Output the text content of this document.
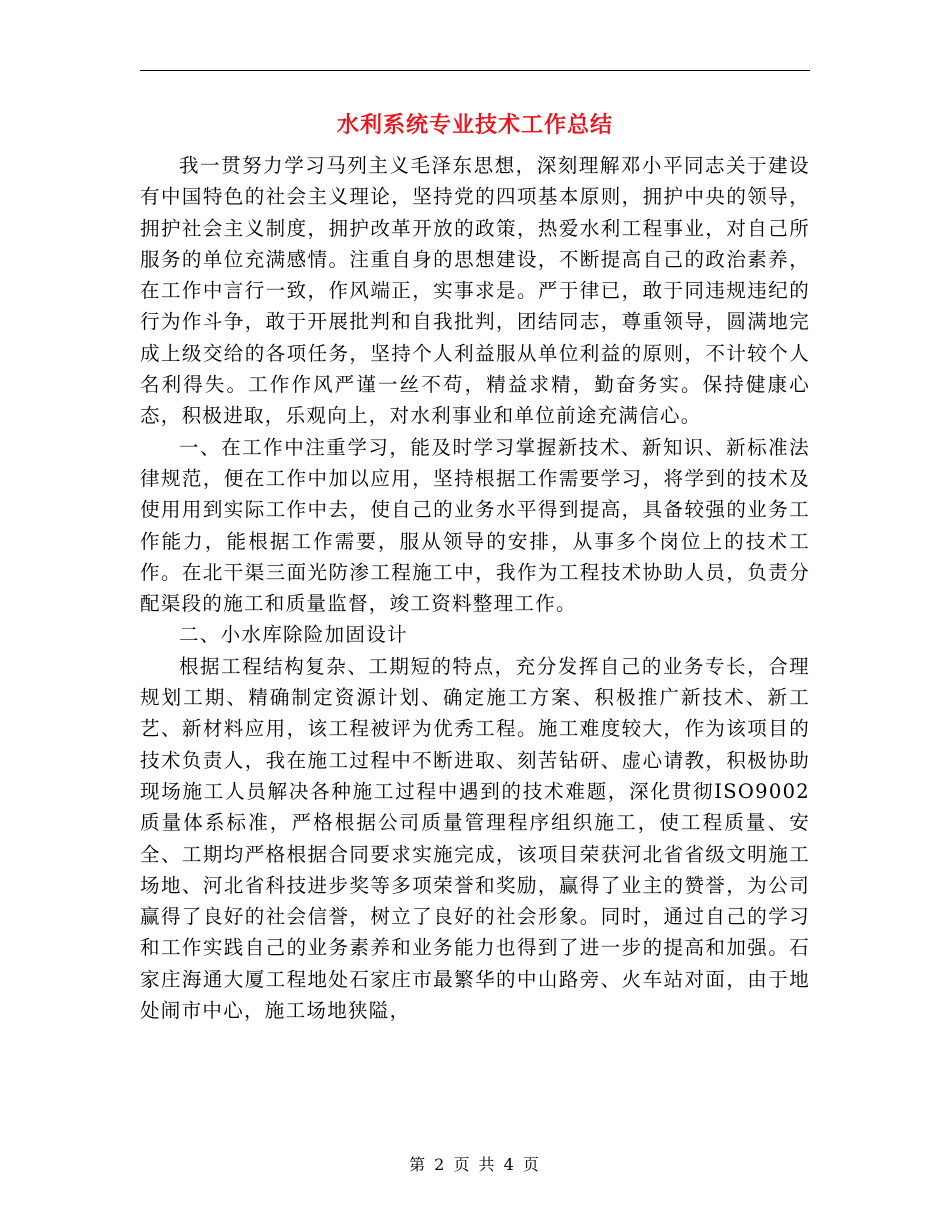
水利系统专业技术工作总结

我一贯努力学习马列主义毛泽东思想，深刻理解邓小平同志关于建设有中国特色的社会主义理论，坚持党的四项基本原则，拥护中央的领导，拥护社会主义制度，拥护改革开放的政策，热爱水利工程事业，对自己所服务的单位充满感情。注重自身的思想建设，不断提高自己的政治素养，在工作中言行一致，作风端正，实事求是。严于律已，敢于同违规违纪的行为作斗争，敢于开展批判和自我批判，团结同志，尊重领导，圆满地完成上级交给的各项任务，坚持个人利益服从单位利益的原则，不计较个人名利得失。工作作风严谨一丝不苟，精益求精，勤奋务实。保持健康心态，积极进取，乐观向上，对水利事业和单位前途充满信心。

一、在工作中注重学习，能及时学习掌握新技术、新知识、新标准法律规范，便在工作中加以应用，坚持根据工作需要学习，将学到的技术及使用用到实际工作中去，使自己的业务水平得到提高，具备较强的业务工作能力，能根据工作需要，服从领导的安排，从事多个岗位上的技术工作。在北干渠三面光防渗工程施工中，我作为工程技术协助人员，负责分配渠段的施工和质量监督，竣工资料整理工作。

二、小水库除险加固设计

根据工程结构复杂、工期短的特点，充分发挥自己的业务专长，合理规划工期、精确制定资源计划、确定施工方案、积极推广新技术、新工艺、新材料应用，该工程被评为优秀工程。施工难度较大，作为该项目的技术负责人，我在施工过程中不断进取、刻苦钻研、虚心请教，积极协助现场施工人员解决各种施工过程中遇到的技术难题，深化贯彻ISO9002质量体系标准，严格根据公司质量管理程序组织施工，使工程质量、安全、工期均严格根据合同要求实施完成，该项目荣获河北省省级文明施工场地、河北省科技进步奖等多项荣誉和奖励，赢得了业主的赞誉，为公司赢得了良好的社会信誉，树立了良好的社会形象。同时，通过自己的学习和工作实践自己的业务素养和业务能力也得到了进一步的提高和加强。石家庄海通大厦工程地处石家庄市最繁华的中山路旁、火车站对面，由于地处闹市中心，施工场地狭隘，

第 2 页 共 4 页
